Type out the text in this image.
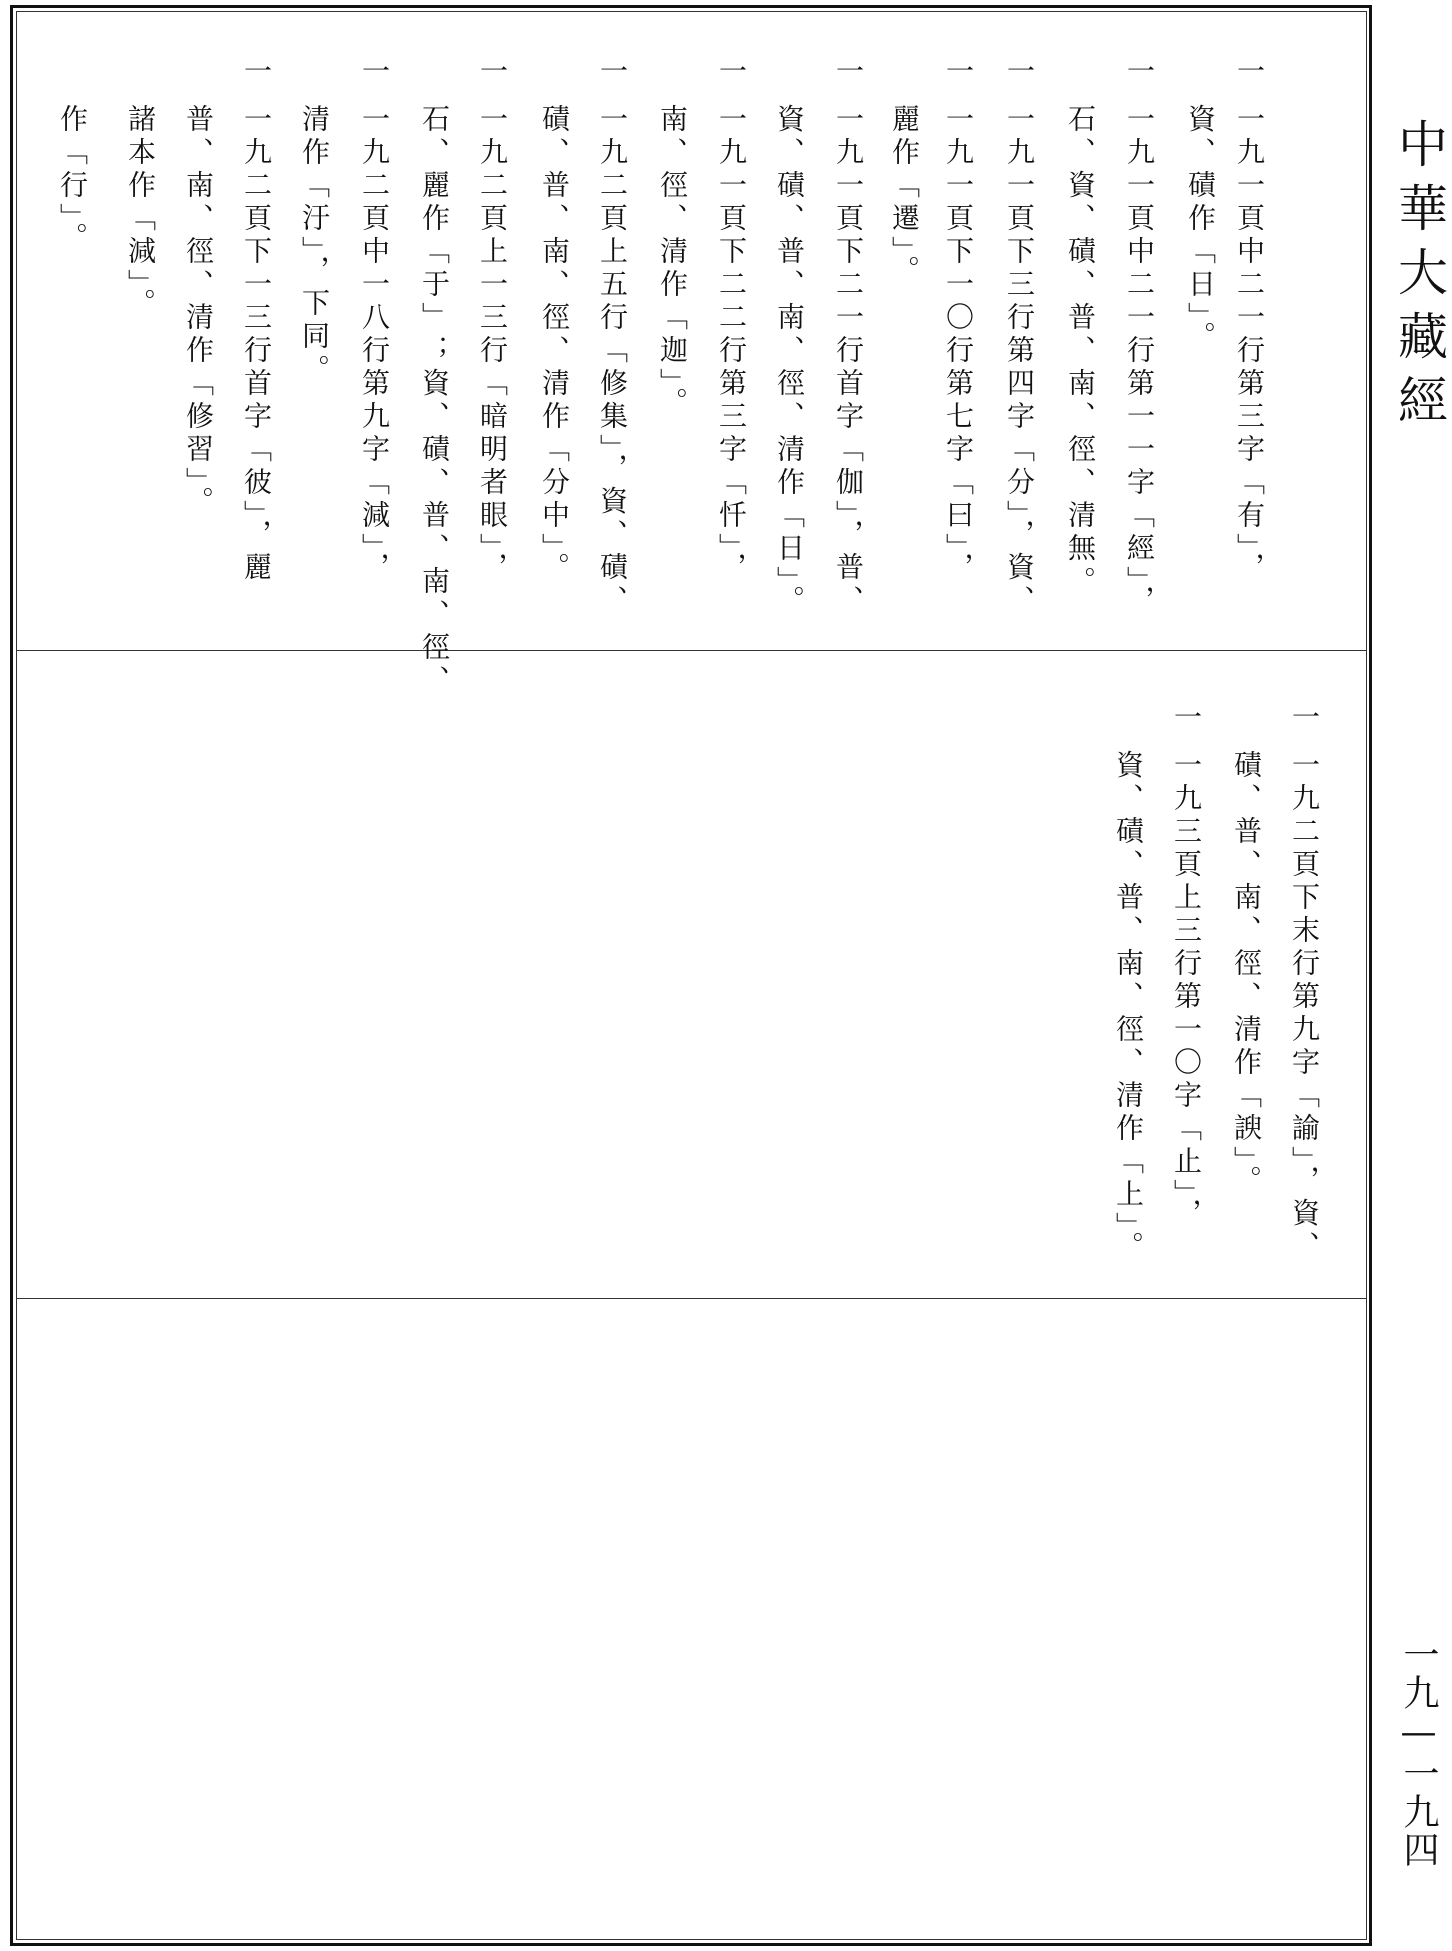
中華大藏經
一九—一九四
一
一九一頁中二一行第三字「有」，
資、磧作「日」。
一
一九一頁中二一行第一一字「經」，
石、資、磧、普、南、徑、清無。
一
一九一頁下三行第四字「分」，資、
一
一九一頁下一〇行第七字「曰」，
一
一九一頁下二一行首字「伽」，普、
一
一九一頁下二二行第三字「忏」，
一
一九二頁上五行「修集」，資、磧、
一
一九二頁上一三行「暗明者眼」，
一
一九二頁中一八行第九字「減」，
一
一九二頁下一三行首字「彼」，麗	麗作「遷」。
資、磧、普、南、徑、清作「日」。
南、徑、清作「迦」。
磧、普、南、徑、清作「分中」。
石、麗作「于」；資、磧、普、南、徑、
清作「汙」，下同。
普、南、徑、清作「修習」。
諸本作「減」。
作「行」。
一
一九二頁下末行第九字「諭」，資、
磧、普、南、徑、清作「諛」。
一
一九三頁上三行第一〇字「止」，
資、磧、普、南、徑、清作「上」。
